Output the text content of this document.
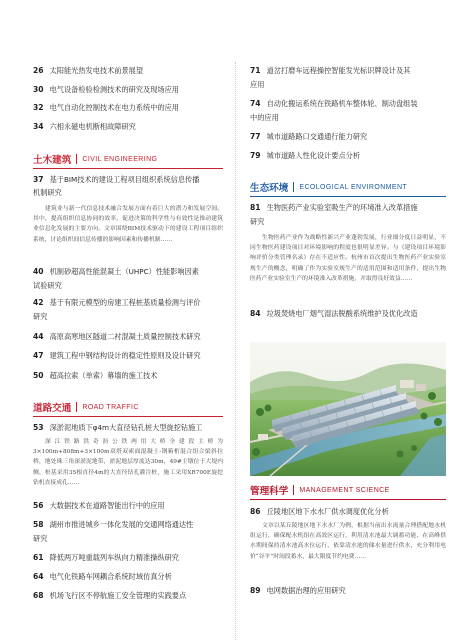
26 太阳能光热发电技术前景展望
30 电气设备检验检测技术的研究及现场应用
32 电气自动化控制技术在电力系统中的应用
34 六相永磁电机断相故障研究
土木建筑 CIVIL ENGINEERING
37 基于BIM技术的建设工程项目组织系统信息传播
机制研究
建筑业与新一代信息技术融合发展方面有着巨大的潜力和发展空间。其中，提高组织信息协同的效率，促进决策的科学性与有效性是推动建筑业信息化发展的主要方向。文章围绕BIM技术驱动下的建设工程项目组织系统，讨论组织间信息传播的影响因素和传播机制……
40 机制砂超高性能混凝土（UHPC）性能影响因素
试验研究
42 基于有限元模型的房建工程桩基质量检测与评价
研究
44 高原高寒地区隧道二衬混凝土质量控制技术研究
47 建筑工程中钢结构设计的稳定性原则及设计研究
50 超高拉索（单索）幕墙的施工技术
道路交通 ROAD TRAFFIC
53 深淤泥地质下φ4m大直径钻孔桩大型旋挖钻施工
深江铁路洪奇沥公铁两用大桥全建段主桥为3×100m+808m+3×100m双塔双索面混凝土-钢箱桁混合组合梁斜拉桥，地处珠三角深淤泥地带，淤泥地层厚度达30m，49#主墩位于大堤内侧，桩基采用35根直径4m的大直径钻孔灌注桩，施工采用XR700E旋挖钻机直接成孔……
56 大数据技术在道路智能出行中的应用
58 湖州市推进城乡一体化发展的交通网络通达性
研究
61 降低两万吨重载列车纵向力精准操纵研究
64 电气化铁路车网耦合系统时域仿真分析
68 机场飞行区不停航施工安全管理的实践要点
71 道岔打磨车远程操控智能发光标识牌设计及其
应用
74 自动化搬运系统在铁路机车整体轮、制动盘组装
中的应用
77 城市道路路口交通通行能力研究
79 城市道路人性化设计要点分析
生态环境 ECOLOGICAL ENVIRONMENT
81 生物医药产业实验室吸生产的环境准入改革措施
研究
生物医药产业作为战略性新兴产业蓬勃发展，行业细分度日益明显，不同生物医药建设项目对环境影响的程度也很明显差异。与《建设项目环境影响评价分类管理名录》存在不适应性。杭州市首次提出生物医药产业实验室规生产的概念，明确了作为实验室规生产的适用范围和适用条件，提出生物医药产业实验室生产的环境准入改革措施，并取得良好效益……
84 垃圾焚烧电厂烟气湿法脱酸系统维护及优化改造
管理科学 MANAGEMENT SCIENCE
86 丘陵地区地下水水厂供水调度优化分析
文章以某丘陵地区地下水水厂为例，根据当前出水流量合理搭配地水机组运行，确保配水机组在高效区运行，利用清水池最大调蓄功能，在高峰供水期间保持清水池高水位运行，依靠清水池的储水量进行供水，充分利用电价“谷平”时间段蓄水，最大限度节约电费……
89 电网数据治理的应用研究
